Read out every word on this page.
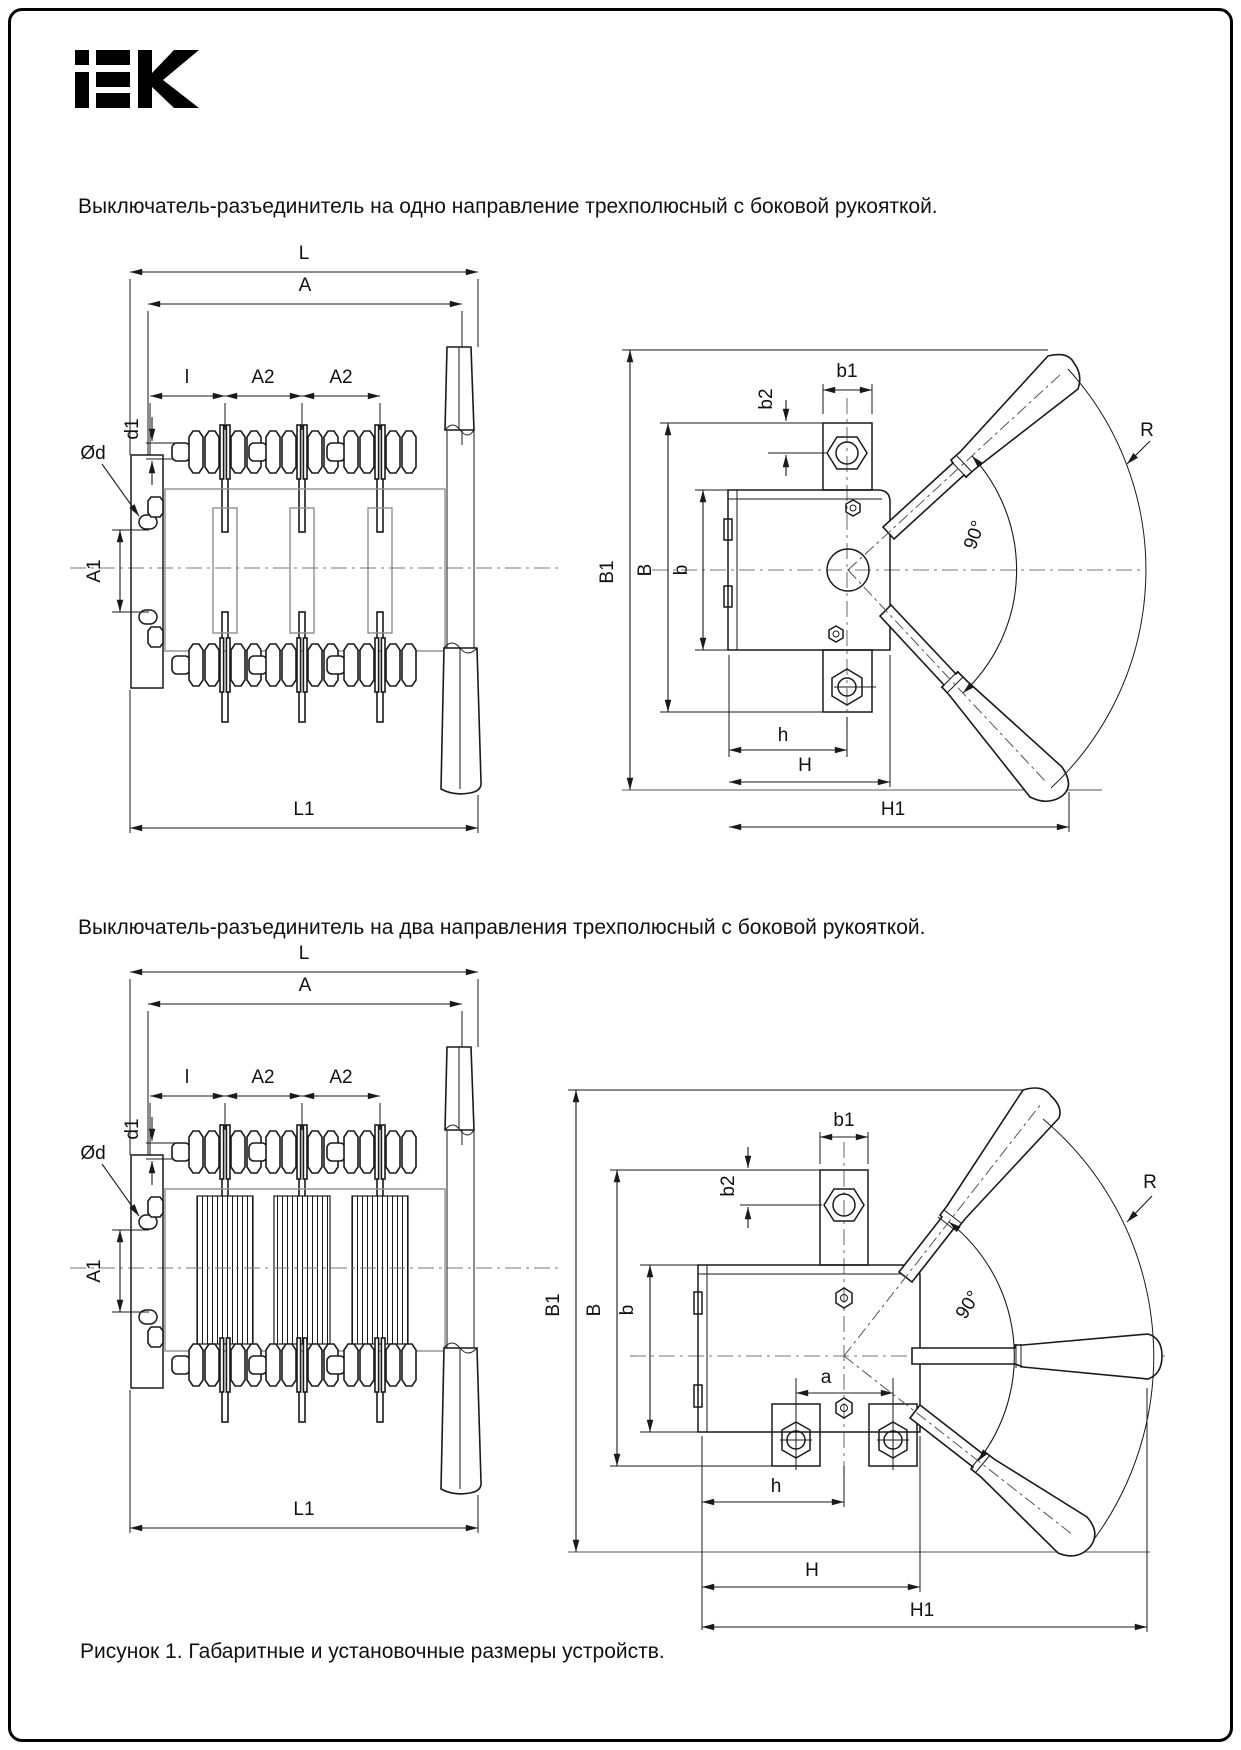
Выключатель-разъединитель на одно направление трехполюсный с боковой рукояткой.

Выключатель-разъединитель на два направления трехполюсный с боковой рукояткой.

Рисунок 1. Габаритные и установочные размеры устройств.

L
A
l	A2	A2
d1
Ød
A1
L1
B1 B b
b1
b2
h
H
H1
R
90°
L
A
l	A2	A2
d1
Ød
A1
L1
B1 B b
b1
b2
a
h
H
H1
R
90°
